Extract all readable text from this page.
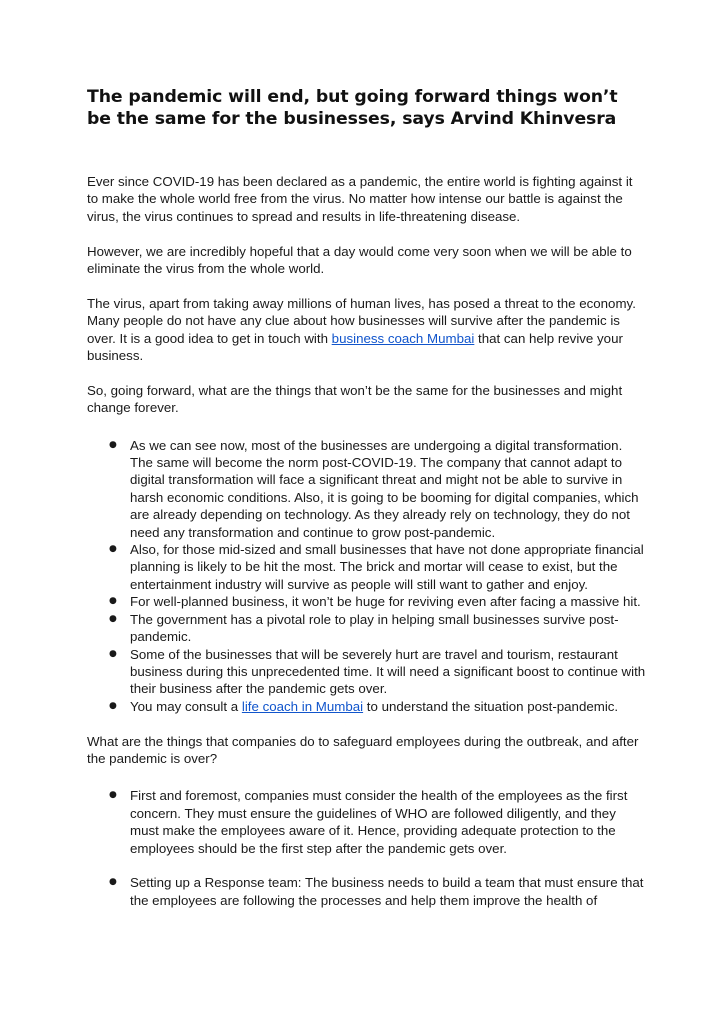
The pandemic will end, but going forward things won’t be the same for the businesses, says Arvind Khinvesra

Ever since COVID-19 has been declared as a pandemic, the entire world is fighting against it to make the whole world free from the virus. No matter how intense our battle is against the virus, the virus continues to spread and results in life-threatening disease.

However, we are incredibly hopeful that a day would come very soon when we will be able to eliminate the virus from the whole world.

The virus, apart from taking away millions of human lives, has posed a threat to the economy. Many people do not have any clue about how businesses will survive after the pandemic is over. It is a good idea to get in touch with business coach Mumbai that can help revive your business.

So, going forward, what are the things that won’t be the same for the businesses and might change forever.

● As we can see now, most of the businesses are undergoing a digital transformation. The same will become the norm post-COVID-19. The company that cannot adapt to digital transformation will face a significant threat and might not be able to survive in harsh economic conditions. Also, it is going to be booming for digital companies, which are already depending on technology. As they already rely on technology, they do not need any transformation and continue to grow post-pandemic.
● Also, for those mid-sized and small businesses that have not done appropriate financial planning is likely to be hit the most. The brick and mortar will cease to exist, but the entertainment industry will survive as people will still want to gather and enjoy.
● For well-planned business, it won’t be huge for reviving even after facing a massive hit.
● The government has a pivotal role to play in helping small businesses survive post-pandemic.
● Some of the businesses that will be severely hurt are travel and tourism, restaurant business during this unprecedented time. It will need a significant boost to continue with their business after the pandemic gets over.
● You may consult a life coach in Mumbai to understand the situation post-pandemic.

What are the things that companies do to safeguard employees during the outbreak, and after the pandemic is over?

● First and foremost, companies must consider the health of the employees as the first concern. They must ensure the guidelines of WHO are followed diligently, and they must make the employees aware of it. Hence, providing adequate protection to the employees should be the first step after the pandemic gets over.
● Setting up a Response team: The business needs to build a team that must ensure that the employees are following the processes and help them improve the health of
